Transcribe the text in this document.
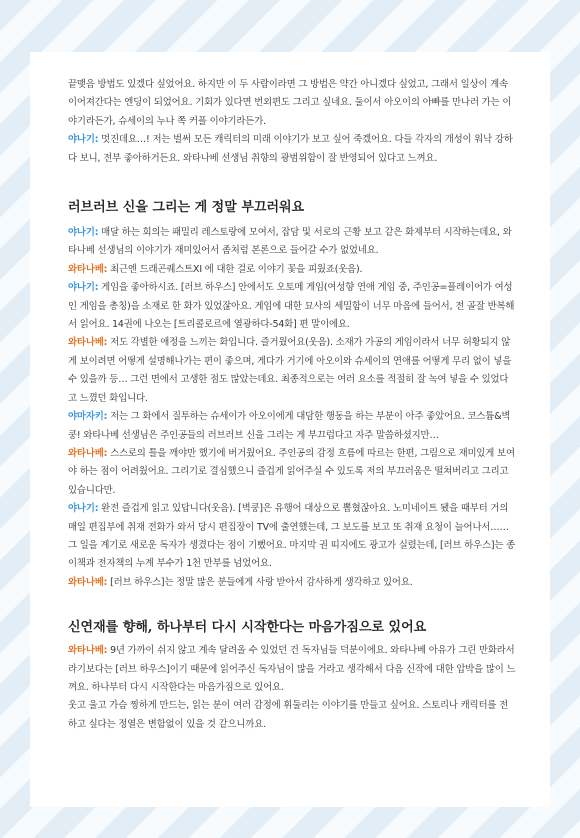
끝맺음 방법도 있겠다 싶었어요. 하지만 이 두 사람이라면 그 방법은 약간 아니겠다 싶었고, 그래서 일상이 계속 이어져간다는 엔딩이 되었어요. 기회가 있다면 번외편도 그리고 싶네요. 둘이서 아오이의 아빠를 만나러 가는 이야기라든가, 슈세이의 누나 쪽 커플 이야기라든가.

야나기: 멋진데요…! 저는 벌써 모든 캐릭터의 미래 이야기가 보고 싶어 죽겠어요. 다들 각자의 개성이 워낙 강하다 보니, 전부 좋아하거든요. 와타나베 선생님 취향의 광범위함이 잘 반영되어 있다고 느껴요.

러브러브 신을 그리는 게 정말 부끄러워요

야나기: 매달 하는 회의는 패밀리 레스토랑에 모여서, 잡담 및 서로의 근황 보고 같은 화제부터 시작하는데요, 와타나베 선생님의 이야기가 재미있어서 좀처럼 본론으로 들어갈 수가 없었네요.

와타나베: 최근엔 드래곤퀘스트XI 에 대한 걸로 이야기 꽃을 피웠죠(웃음).

야나기: 게임을 좋아하시죠. [러브 하우스] 안에서도 오토메 게임(여성향 연애 게임 중, 주인공=플레이어가 여성인 게임을 총칭)을 소재로 한 화가 있었잖아요. 게임에 대한 묘사의 세밀함이 너무 마음에 들어서, 전 골잘 반복해서 읽어요. 14권에 나오는 [트리콜로르에 열광하다-54화] 편 말이에요.

와타나베: 저도 각별한 애정을 느끼는 화입니다. 즐거웠어요(웃음). 소재가 가공의 게임이라서 너무 허황되지 않게 보이려면 어떻게 설명해나가는 편이 좋으며, 게다가 거기에 아오이와 슈세이의 연애를 어떻게 무리 없이 넣을 수 있을까 등… 그런 면에서 고생한 점도 많았는데요. 최종적으로는 여러 요소를 적절히 잘 녹여 넣을 수 있었다고 느꼈던 화입니다.

야마자키: 저는 그 화에서 질투하는 슈세이가 아오이에게 대담한 행동을 하는 부분이 아주 좋았어요. 코스튬&벽쿵! 와타나베 선생님은 주인공들의 러브러브 신을 그리는 게 부끄럽다고 자주 말씀하셨지만…

와타나베: 스스로의 틀을 깨야만 했기에 버거웠어요. 주인공의 감정 흐름에 따르는 한편, 그림으로 재미있게 보여야 하는 점이 어려웠어요. 그리기로 결심했으니 즐겁게 읽어주실 수 있도록 저의 부끄러움은 떨쳐버리고 그리고 있습니다만.

야나기: 완전 즐겁게 읽고 있답니다(웃음). [벽쿵]은 유행어 대상으로 뽑혔잖아요. 노미네이트 됐을 때부터 거의 매일 편집부에 취재 전화가 와서 당시 편집장이 TV에 출연했는데, 그 보도를 보고 또 취재 요청이 늘어나서…… 그 일을 계기로 새로운 독자가 생겼다는 점이 기뻤어요. 마지막 권 띠지에도 광고가 실렸는데, [러브 하우스]는 종이책과 전자책의 누계 부수가 1천 만부를 넘었어요.

와타나베: [러브 하우스]는 정말 많은 분들에게 사랑 받아서 감사하게 생각하고 있어요.

신연재를 향해, 하나부터 다시 시작한다는 마음가짐으로 있어요

와타나베: 9년 가까이 쉬지 않고 계속 달려올 수 있었던 건 독자님들 덕분이에요. 와타나베 아유가 그린 만화라서 라기보다는 [러브 하우스]이기 때문에 읽어주신 독자님이 많을 거라고 생각해서 다음 신작에 대한 압박을 많이 느껴요. 하나부터 다시 시작한다는 마음가짐으로 있어요.

웃고 울고 가슴 찡하게 만드는, 읽는 분이 여러 감정에 휘둘리는 이야기를 만들고 싶어요. 스토리나 캐릭터를 전하고 싶다는 정열은 변함없이 있을 것 같으니까요.
